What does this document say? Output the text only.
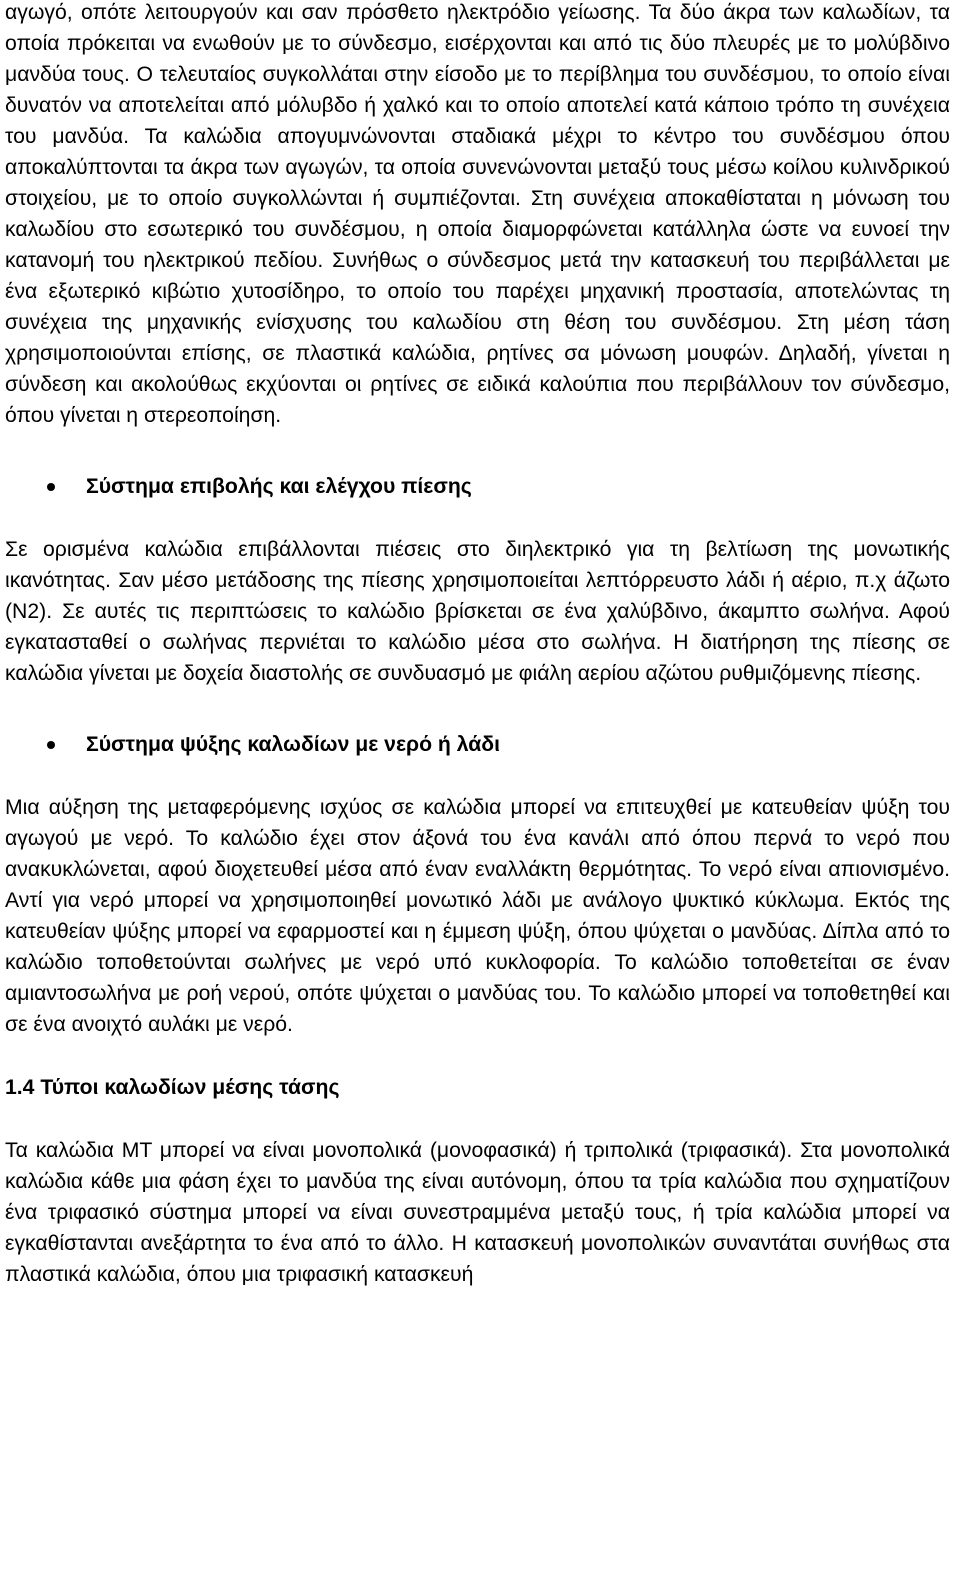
αγωγό, οπότε λειτουργούν και σαν πρόσθετο ηλεκτρόδιο γείωσης. Τα δύο άκρα των καλωδίων, τα οποία πρόκειται να ενωθούν με το σύνδεσμο, εισέρχονται και από τις δύο πλευρές με το μολύβδινο μανδύα τους. Ο τελευταίος συγκολλάται στην είσοδο με το περίβλημα του συνδέσμου, το οποίο είναι δυνατόν να αποτελείται από μόλυβδο ή χαλκό και το οποίο αποτελεί κατά κάποιο τρόπο τη συνέχεια του μανδύα. Τα καλώδια απογυμνώνονται σταδιακά μέχρι το κέντρο του συνδέσμου όπου αποκαλύπτονται τα άκρα των αγωγών, τα οποία συνενώνονται μεταξύ τους μέσω κοίλου κυλινδρικού στοιχείου, με το οποίο συγκολλώνται ή συμπιέζονται. Στη συνέχεια αποκαθίσταται η μόνωση του καλωδίου στο εσωτερικό του συνδέσμου, η οποία διαμορφώνεται κατάλληλα ώστε να ευνοεί την κατανομή του ηλεκτρικού πεδίου. Συνήθως ο σύνδεσμος μετά την κατασκευή του περιβάλλεται με ένα εξωτερικό κιβώτιο χυτοσίδηρο, το οποίο του παρέχει μηχανική προστασία, αποτελώντας τη συνέχεια της μηχανικής ενίσχυσης του καλωδίου στη θέση του συνδέσμου. Στη μέση τάση χρησιμοποιούνται επίσης, σε πλαστικά καλώδια, ρητίνες σα μόνωση μουφών. Δηλαδή, γίνεται η σύνδεση και ακολούθως εκχύονται οι ρητίνες σε ειδικά καλούπια που περιβάλλουν τον σύνδεσμο, όπου γίνεται η στερεοποίηση.

Σύστημα επιβολής και ελέγχου πίεσης

Σε ορισμένα καλώδια επιβάλλονται πιέσεις στο διηλεκτρικό για τη βελτίωση της μονωτικής ικανότητας. Σαν μέσο μετάδοσης της πίεσης χρησιμοποιείται λεπτόρρευστο λάδι ή αέριο, π.χ άζωτο (N2). Σε αυτές τις περιπτώσεις το καλώδιο βρίσκεται σε ένα χαλύβδινο, άκαμπτο σωλήνα. Αφού εγκατασταθεί ο σωλήνας περνιέται το καλώδιο μέσα στο σωλήνα. Η διατήρηση της πίεσης σε καλώδια γίνεται με δοχεία διαστολής σε συνδυασμό με φιάλη αερίου αζώτου ρυθμιζόμενης πίεσης.

Σύστημα ψύξης καλωδίων με νερό ή λάδι

Μια αύξηση της μεταφερόμενης ισχύος σε καλώδια μπορεί να επιτευχθεί με κατευθείαν ψύξη του αγωγού με νερό. Το καλώδιο έχει στον άξονά του ένα κανάλι από όπου περνά το νερό που ανακυκλώνεται, αφού διοχετευθεί μέσα από έναν εναλλάκτη θερμότητας. Το νερό είναι απιονισμένο. Αντί για νερό μπορεί να χρησιμοποιηθεί μονωτικό λάδι με ανάλογο ψυκτικό κύκλωμα. Εκτός της κατευθείαν ψύξης μπορεί να εφαρμοστεί και η έμμεση ψύξη, όπου ψύχεται ο μανδύας. Δίπλα από το καλώδιο τοποθετούνται σωλήνες με νερό υπό κυκλοφορία. Το καλώδιο τοποθετείται σε έναν αμιαντοσωλήνα με ροή νερού, οπότε ψύχεται ο μανδύας του. Το καλώδιο μπορεί να τοποθετηθεί και σε ένα ανοιχτό αυλάκι με νερό.

1.4 Τύποι καλωδίων μέσης τάσης

Τα καλώδια ΜΤ μπορεί να είναι μονοπολικά (μονοφασικά) ή τριπολικά (τριφασικά). Στα μονοπολικά καλώδια κάθε μια φάση έχει το μανδύα της είναι αυτόνομη, όπου τα τρία καλώδια που σχηματίζουν ένα τριφασικό σύστημα μπορεί να είναι συνεστραμμένα μεταξύ τους, ή τρία καλώδια μπορεί να εγκαθίστανται ανεξάρτητα το ένα από το άλλο. Η κατασκευή μονοπολικών συναντάται συνήθως στα πλαστικά καλώδια, όπου μια τριφασική κατασκευή
